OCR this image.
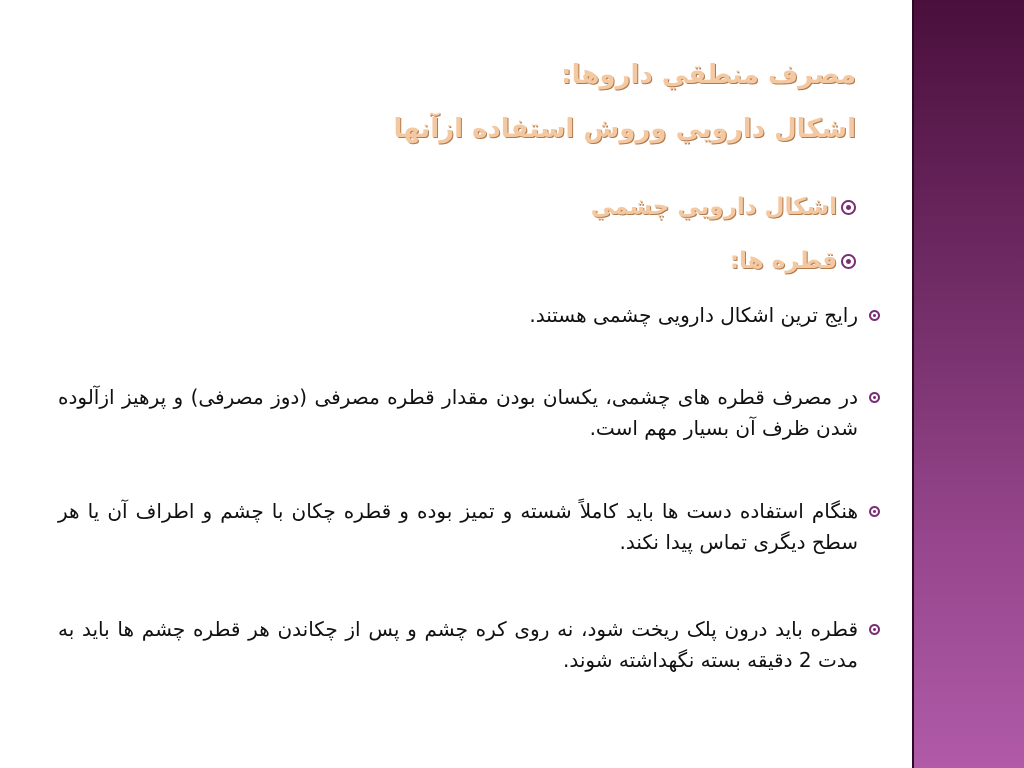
مصرف منطقي داروها:
اشكال دارويي وروش استفاده ازآنها
اشكال دارويي چشمي
قطره ها:
رایج ترین اشکال دارویی چشمی هستند.
در مصرف قطره های چشمی، یکسان بودن مقدار قطره مصرفی (دوز مصرفی) و پرهیز ازآلوده شدن ظرف آن بسیار مهم است.
هنگام استفاده دست ها باید کاملاً شسته و تمیز بوده و قطره چکان با چشم و اطراف آن یا هر سطح دیگری تماس پیدا نکند.
قطره باید درون پلک ریخت شود، نه روی کره چشم و پس از چکاندن هر قطره چشم ها باید به مدت 2 دقیقه بسته نگهداشته شوند.
